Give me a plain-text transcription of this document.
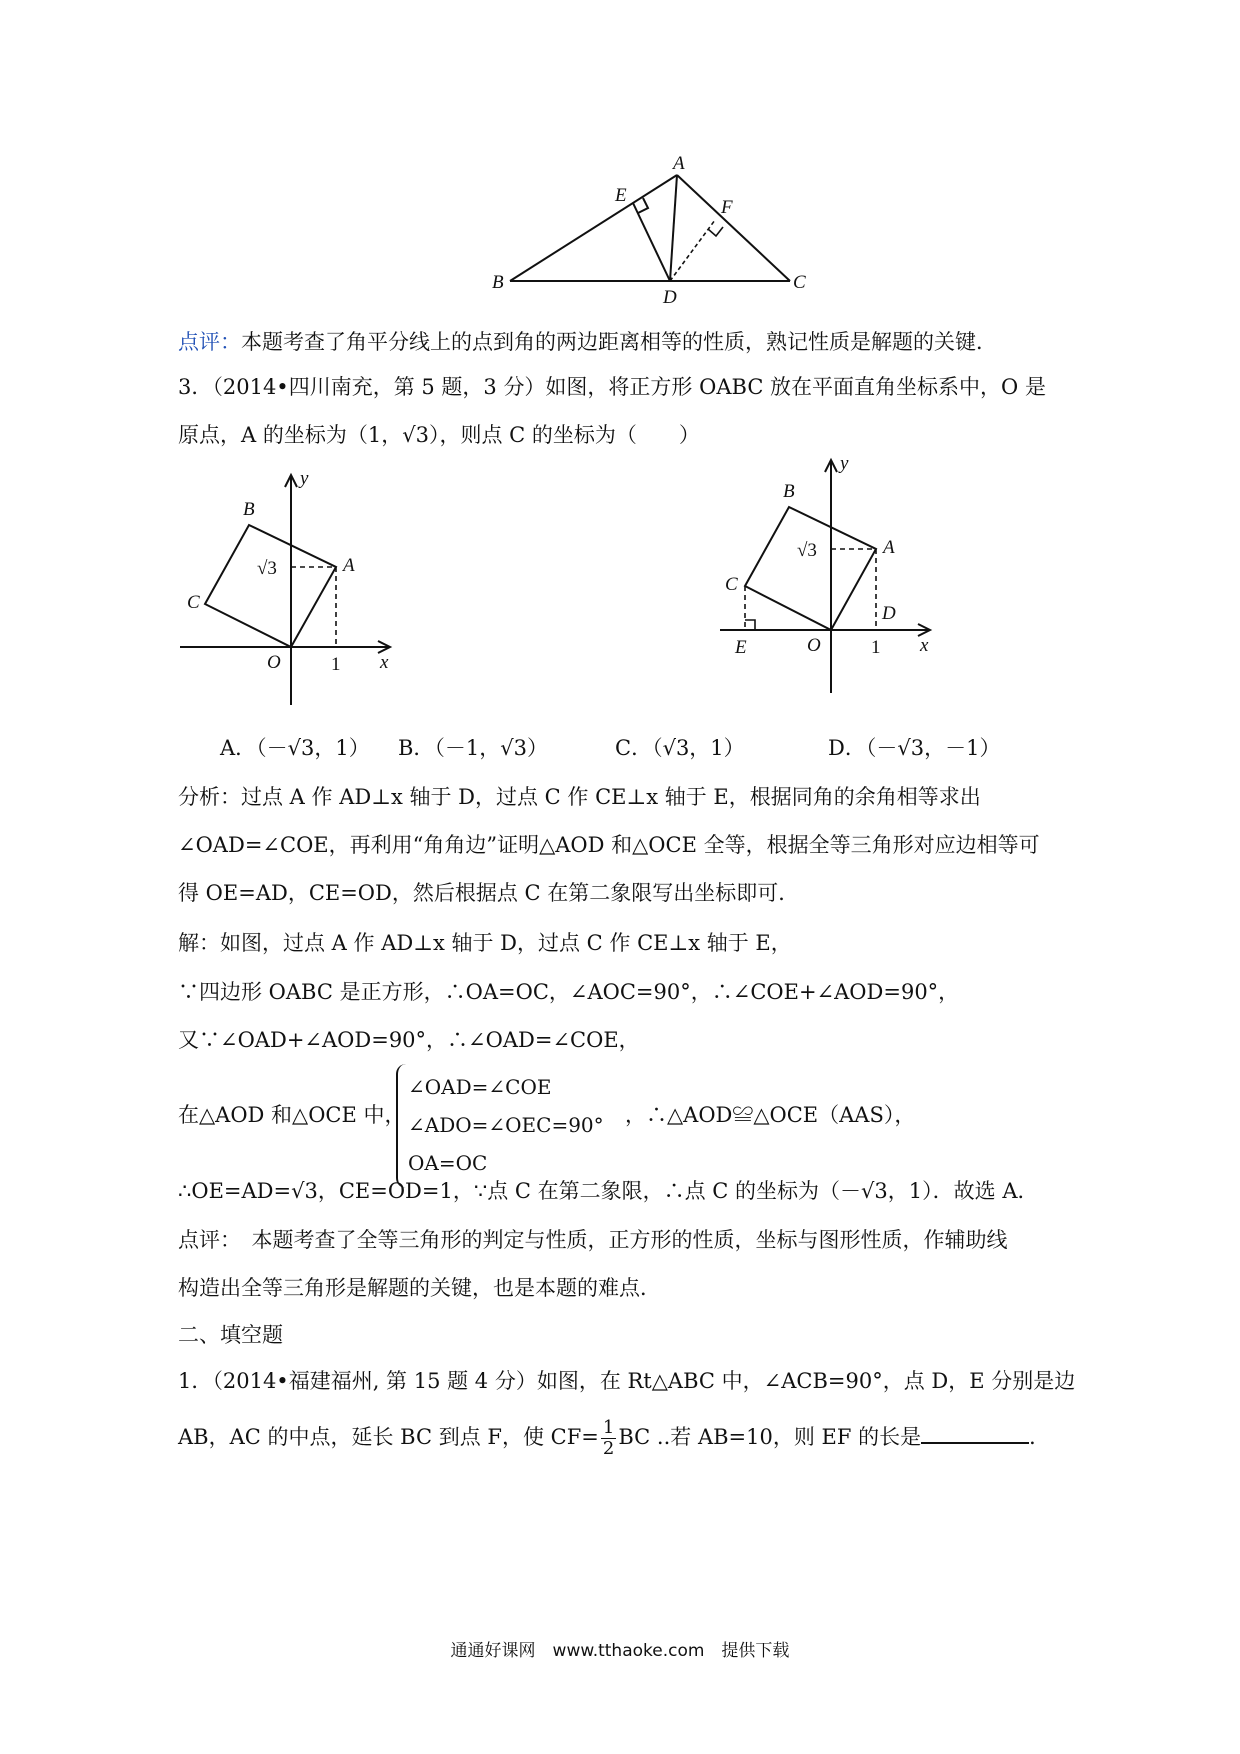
A
B	C
D
E
F
点评：本题考查了角平分线上的点到角的两边距离相等的性质，熟记性质是解题的关键．
3．（2014•四川南充，第 5 题，3 分）如图，将正方形 OABC 放在平面直角坐标系中，O 是
原点，A 的坐标为（1，√3），则点 C 的坐标为（　　）
B
A
C
O	1 x
y
√3
B
A
C
O
D
E	1 x
y
√3
A．（－√3，1） B．（－1，√3）	C．（√3，1）	D．（－√3，－1）
分析：过点 A 作 AD⊥x 轴于 D，过点 C 作 CE⊥x 轴于 E，根据同角的余角相等求出
∠OAD=∠COE，再利用“角角边”证明△AOD 和△OCE 全等，根据全等三角形对应边相等可
得 OE=AD，CE=OD，然后根据点 C 在第二象限写出坐标即可．
解：如图，过点 A 作 AD⊥x 轴于 D，过点 C 作 CE⊥x 轴于 E，
∵四边形 OABC 是正方形，∴OA=OC，∠AOC=90°，∴∠COE+∠AOD=90°，
又∵∠OAD+∠AOD=90°，∴∠OAD=∠COE，
在△AOD 和△OCE 中，
∠OAD=∠COE
∠ADO=∠OEC=90°
OA=OC
，∴△AOD≌△OCE（AAS），
∴OE=AD=√3，CE=OD=1，∵点 C 在第二象限，∴点 C 的坐标为（－√3，1）．故选 A．
点评：　本题考查了全等三角形的判定与性质，正方形的性质，坐标与图形性质，作辅助线
构造出全等三角形是解题的关键，也是本题的难点．
二、填空题
1．（2014•福建福州, 第 15 题 4 分）如图，在 Rt△ABC 中，∠ACB=90°，点 D，E 分别是边
AB，AC 的中点，延长 BC 到点 F，使 $CF= \frac{1}{2}$ BC ..若 AB=10，则 EF 的长是	．
通通好课网　www.tthaoke.com　提供下载
